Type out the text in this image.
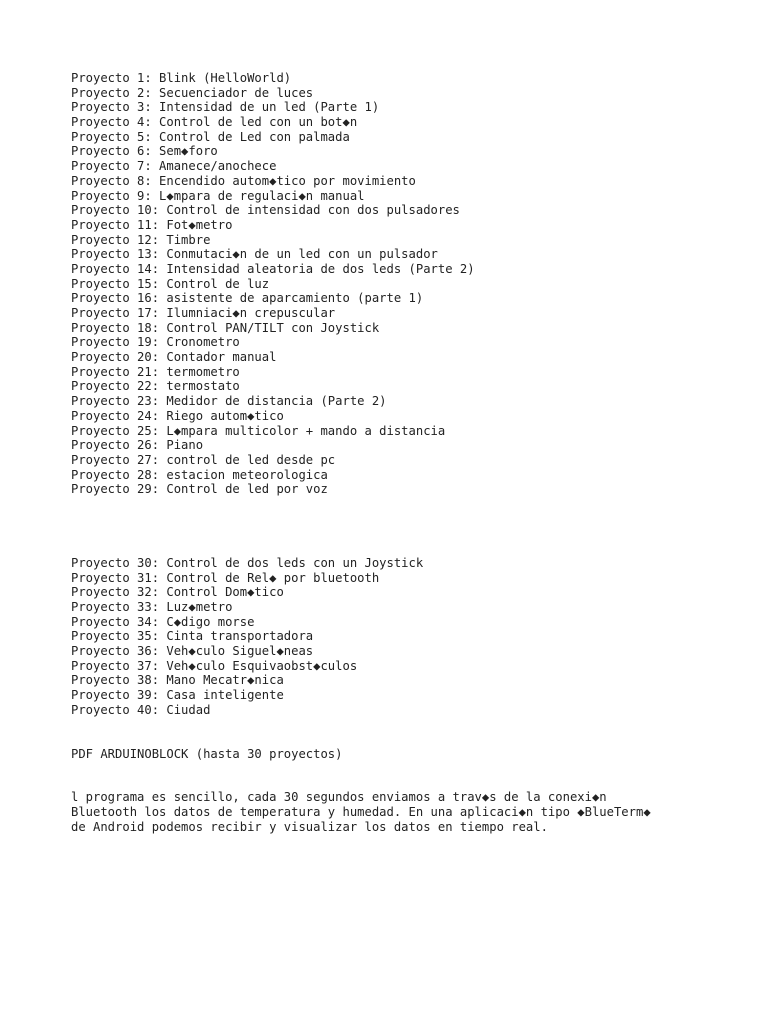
Proyecto 1: Blink (HelloWorld)
Proyecto 2: Secuenciador de luces
Proyecto 3: Intensidad de un led (Parte 1)
Proyecto 4: Control de led con un bot◆n
Proyecto 5: Control de Led con palmada
Proyecto 6: Sem◆foro
Proyecto 7: Amanece/anochece
Proyecto 8: Encendido autom◆tico por movimiento
Proyecto 9: L◆mpara de regulaci◆n manual
Proyecto 10: Control de intensidad con dos pulsadores
Proyecto 11: Fot◆metro
Proyecto 12: Timbre
Proyecto 13: Conmutaci◆n de un led con un pulsador
Proyecto 14: Intensidad aleatoria de dos leds (Parte 2)
Proyecto 15: Control de luz
Proyecto 16: asistente de aparcamiento (parte 1)
Proyecto 17: Ilumniaci◆n crepuscular
Proyecto 18: Control PAN/TILT con Joystick
Proyecto 19: Cronometro
Proyecto 20: Contador manual
Proyecto 21: termometro
Proyecto 22: termostato
Proyecto 23: Medidor de distancia (Parte 2)
Proyecto 24: Riego autom◆tico
Proyecto 25: L◆mpara multicolor + mando a distancia
Proyecto 26: Piano
Proyecto 27: control de led desde pc
Proyecto 28: estacion meteorologica
Proyecto 29: Control de led por voz
Proyecto 30: Control de dos leds con un Joystick
Proyecto 31: Control de Rel◆ por bluetooth
Proyecto 32: Control Dom◆tico
Proyecto 33: Luz◆metro
Proyecto 34: C◆digo morse
Proyecto 35: Cinta transportadora
Proyecto 36: Veh◆culo Siguel◆neas
Proyecto 37: Veh◆culo Esquivaobst◆culos
Proyecto 38: Mano Mecatr◆nica
Proyecto 39: Casa inteligente
Proyecto 40: Ciudad
PDF ARDUINOBLOCK (hasta 30 proyectos)
l programa es sencillo, cada 30 segundos enviamos a trav◆s de la conexi◆n
Bluetooth los datos de temperatura y humedad. En una aplicaci◆n tipo ◆BlueTerm◆
de Android podemos recibir y visualizar los datos en tiempo real.
